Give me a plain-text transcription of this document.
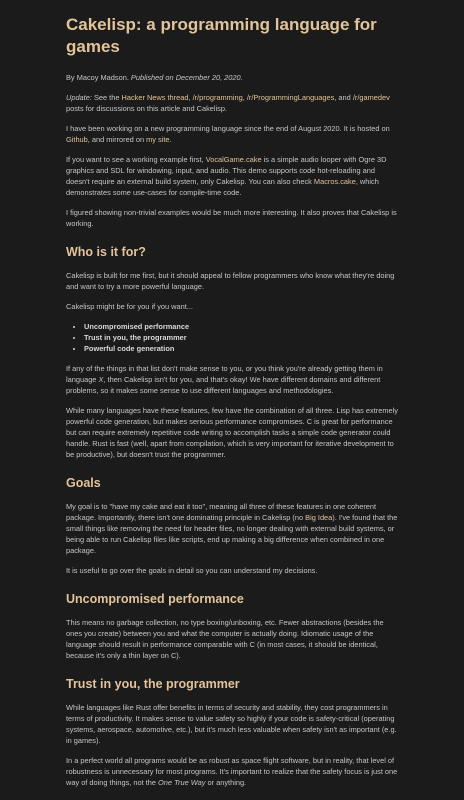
Cakelisp: a programming language for games

By Macoy Madson. Published on December 20, 2020.

Update: See the Hacker News thread, /r/programming, /r/ProgrammingLanguages, and /r/gamedev posts for discussions on this article and Cakelisp.

I have been working on a new programming language since the end of August 2020. It is hosted on Github, and mirrored on my site.

If you want to see a working example first, VocalGame.cake is a simple audio looper with Ogre 3D graphics and SDL for windowing, input, and audio. This demo supports code hot-reloading and doesn't require an external build system, only Cakelisp. You can also check Macros.cake, which demonstrates some use-cases for compile-time code.

I figured showing non-trivial examples would be much more interesting. It also proves that Cakelisp is working.

Who is it for?

Cakelisp is built for me first, but it should appeal to fellow programmers who know what they're doing and want to try a more powerful language.

Cakelisp might be for you if you want...

• Uncompromised performance
• Trust in you, the programmer
• Powerful code generation

If any of the things in that list don't make sense to you, or you think you're already getting them in language X, then Cakelisp isn't for you, and that's okay! We have different domains and different problems, so it makes some sense to use different languages and methodologies.

While many languages have these features, few have the combination of all three. Lisp has extremely powerful code generation, but makes serious performance compromises. C is great for performance but can require extremely repetitive code writing to accomplish tasks a simple code generator could handle. Rust is fast (well, apart from compilation, which is very important for iterative development to be productive), but doesn't trust the programmer.

Goals

My goal is to "have my cake and eat it too", meaning all three of these features in one coherent package. Importantly, there isn't one dominating principle in Cakelisp (no Big Idea). I've found that the small things like removing the need for header files, no longer dealing with external build systems, or being able to run Cakelisp files like scripts, end up making a big difference when combined in one package.

It is useful to go over the goals in detail so you can understand my decisions.

Uncompromised performance

This means no garbage collection, no type boxing/unboxing, etc. Fewer abstractions (besides the ones you create) between you and what the computer is actually doing. Idiomatic usage of the language should result in performance comparable with C (in most cases, it should be identical, because it's only a thin layer on C).

Trust in you, the programmer

While languages like Rust offer benefits in terms of security and stability, they cost programmers in terms of productivity. It makes sense to value safety so highly if your code is safety-critical (operating systems, aerospace, automotive, etc.), but it's much less valuable when safety isn't as important (e.g. in games).

In a perfect world all programs would be as robust as space flight software, but in reality, that level of robustness is unnecessary for most programs. It's important to realize that the safety focus is just one way of doing things, not the One True Way or anything.
